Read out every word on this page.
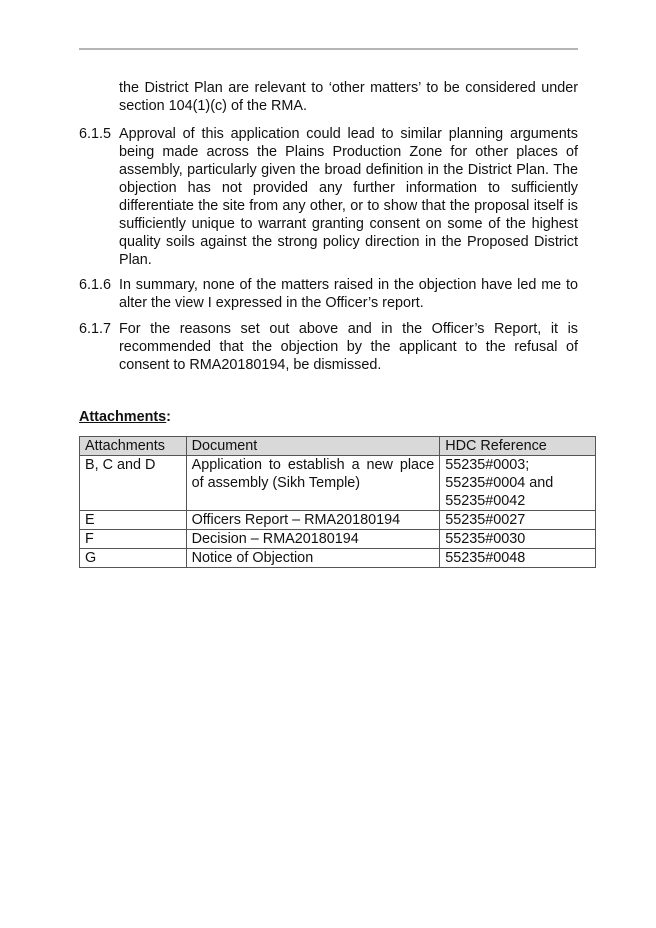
the District Plan are relevant to ‘other matters’ to be considered under section 104(1)(c) of the RMA.
6.1.5 Approval of this application could lead to similar planning arguments being made across the Plains Production Zone for other places of assembly, particularly given the broad definition in the District Plan. The objection has not provided any further information to sufficiently differentiate the site from any other, or to show that the proposal itself is sufficiently unique to warrant granting consent on some of the highest quality soils against the strong policy direction in the Proposed District Plan.
6.1.6 In summary, none of the matters raised in the objection have led me to alter the view I expressed in the Officer’s report.
6.1.7 For the reasons set out above and in the Officer’s Report, it is recommended that the objection by the applicant to the refusal of consent to RMA20180194, be dismissed.
Attachments:
Attachments	Document	HDC Reference
B, C and D	Application to establish a new place of assembly (Sikh Temple)	55235#0003;
55235#0004 and
55235#0042

E	Officers Report – RMA20180194	55235#0027
F	Decision – RMA20180194	55235#0030
G	Notice of Objection	55235#0048
